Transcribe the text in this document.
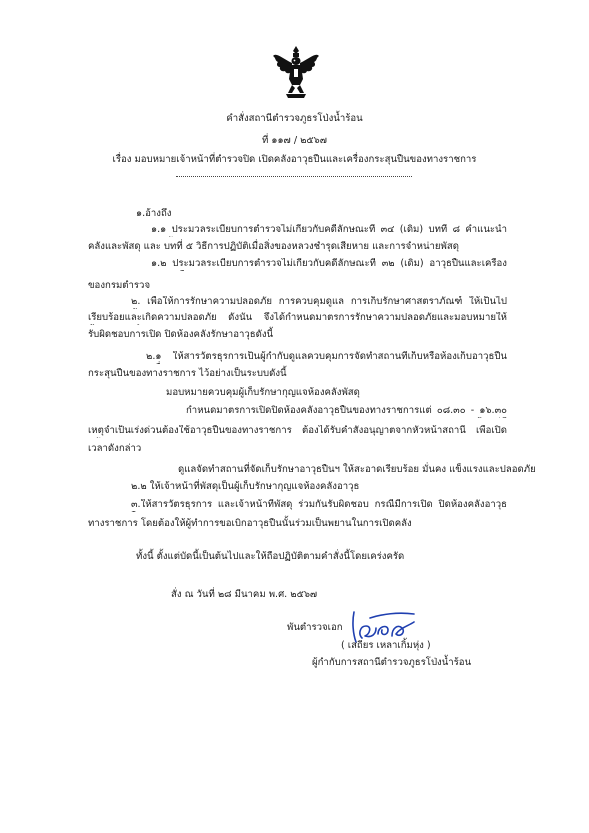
คำสั่งสถานีตำรวจภูธรโป่งน้ำร้อน
ที่ ๑๑๗ / ๒๕๖๗
เรื่อง มอบหมายเจ้าหน้าที่ตำรวจปิด เปิดคลังอาวุธปืนและเครื่องกระสุนปืนของทางราชการ
๑.อ้างถึง
๑.๑ ประมวลระเบียบการตำรวจไม่เกี่ยวกับคดีลักษณะที่ ๓๔ (เดิม) บทที่ ๘ คำแนะนำ
คลังและพัสดุ และ บทที่ ๕ วิธีการปฏิบัติเมื่อสิ่งของหลวงชำรุดเสียหาย และการจำหน่ายพัสดุ
๑.๒ ประมวลระเบียบการตำรวจไม่เกี่ยวกับคดีลักษณะที่ ๓๒ (เดิม) อาวุธปืนและเครื่อง
ของกรมตำรวจ
๒. เพื่อให้การรักษาความปลอดภัย การควบคุมดูแล การเก็บรักษาศาสตราภัณฑ์ ให้เป็นไป
เรียบร้อยและเกิดความปลอดภัย ดังนั้น จึงได้กำหนดมาตรการรักษาความปลอดภัยและมอบหมายให้
รับผิดชอบการเปิด ปิดห้องคลังรักษาอาวุธดังนี้
๒.๑ ให้สารวัตรธุรการเป็นผู้กำกับดูแลควบคุมการจัดทำสถานที่เก็บหรือห้องเก็บอาวุธปืน
กระสุนปืนของทางราชการ ไว้อย่างเป็นระบบดังนี้
มอบหมายควบคุมผู้เก็บรักษากุญแจห้องคลังพัสดุ
กำหนดมาตรการเปิดปิดห้องคลังอาวุธปืนของทางราชการแต่ ๐๘.๓๐ - ๑๖.๓๐
เหตุจำเป็นเร่งด่วนต้องใช้อาวุธปืนของทางราชการ ต้องได้รับคำสั่งอนุญาตจากหัวหน้าสถานี เพื่อเปิด
เวลาดังกล่าว
ดูแลจัดทำสถานที่จัดเก็บรักษาอาวุธปืนฯ ให้สะอาดเรียบร้อย มั่นคง แข็งแรงและปลอดภัย
๒.๒ ให้เจ้าหน้าที่พัสดุเป็นผู้เก็บรักษากุญแจห้องคลังอาวุธ
๓.ให้สารวัตรธุรการ และเจ้าหน้าที่พัสดุ ร่วมกันรับผิดชอบ กรณีมีการเปิด ปิดห้องคลังอาวุธ
ทางราชการ โดยต้องให้ผู้ทำการขอเบิกอาวุธปืนนั้นร่วมเป็นพยานในการเปิดคลัง
ทั้งนี้ ตั้งแต่บัดนี้เป็นต้นไปและให้ถือปฏิบัติตามคำสั่งนี้โดยเคร่งครัด
สั่ง ณ วันที่ ๒๘ มีนาคม พ.ศ. ๒๕๖๗
พันตำรวจเอก
( เสถียร เหลาเกิ้มหุ่ง )
ผู้กำกับการสถานีตำรวจภูธรโป่งน้ำร้อน
